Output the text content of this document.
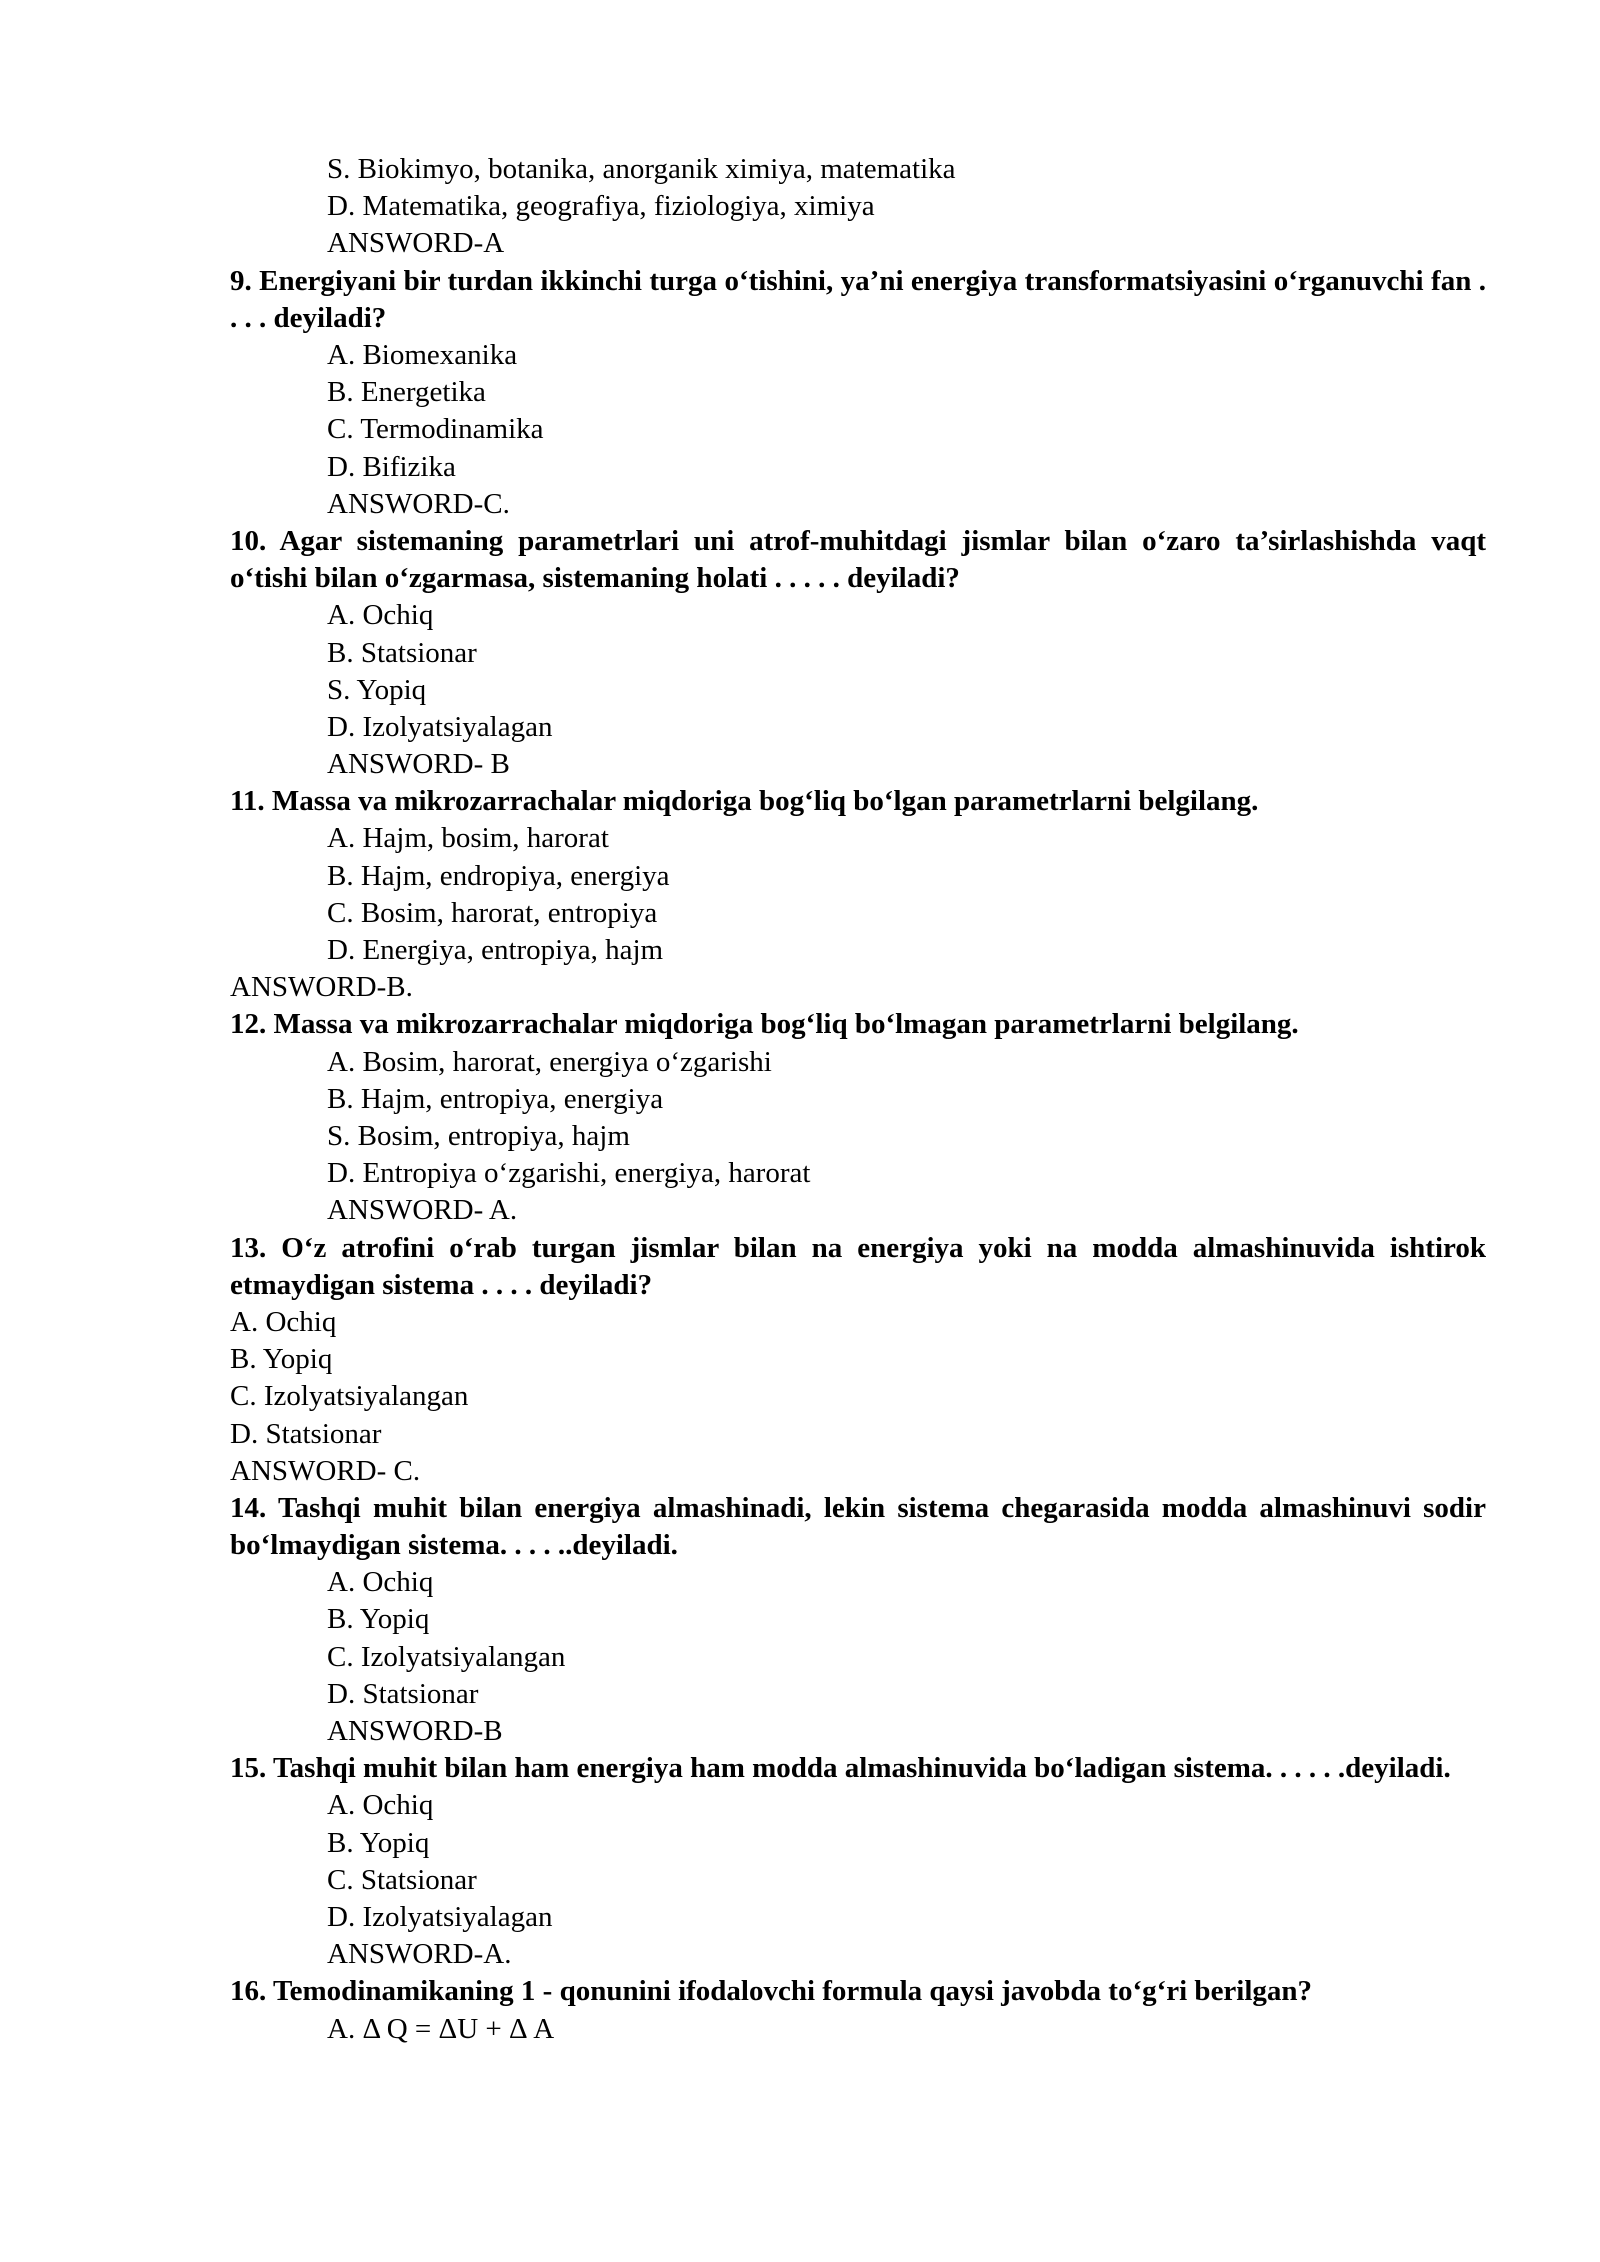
S. Biokimyo, botanika, anorganik ximiya, matematika
D. Matematika, geografiya, fiziologiya, ximiya
ANSWORD-A
9. Energiyani bir turdan ikkinchi turga o‘tishini, ya’ni energiya transformatsiyasini o‘rganuvchi fan . . . . deyiladi?
A. Biomexanika
B. Energetika
C. Termodinamika
D. Bifizika
ANSWORD-C.
10. Agar sistemaning parametrlari uni atrof-muhitdagi jismlar bilan o‘zaro ta’sirlashishda vaqt o‘tishi bilan o‘zgarmasa, sistemaning holati . . . . . deyiladi?
A. Ochiq
B. Statsionar
S. Yopiq
D. Izolyatsiyalagan
ANSWORD- B
11. Massa va mikrozarrachalar miqdoriga bog‘liq bo‘lgan parametrlarni belgilang.
A. Hajm, bosim, harorat
B. Hajm, endropiya, energiya
C. Bosim, harorat, entropiya
D. Energiya, entropiya, hajm
ANSWORD-B.
12. Massa va mikrozarrachalar miqdoriga bog‘liq bo‘lmagan parametrlarni belgilang.
A. Bosim, harorat, energiya o‘zgarishi
B. Hajm, entropiya, energiya
S. Bosim, entropiya, hajm
D. Entropiya o‘zgarishi, energiya, harorat
ANSWORD- A.
13. O‘z atrofini o‘rab turgan jismlar bilan na energiya yoki na modda almashinuvida ishtirok etmaydigan sistema . . . . deyiladi?
A. Ochiq
B. Yopiq
C. Izolyatsiyalangan
D. Statsionar
ANSWORD- C.
14. Tashqi muhit bilan energiya almashinadi, lekin sistema chegarasida modda almashinuvi sodir bo‘lmaydigan sistema. . . . ..deyiladi.
A. Ochiq
B. Yopiq
C. Izolyatsiyalangan
D. Statsionar
ANSWORD-B
15. Tashqi muhit bilan ham energiya ham modda almashinuvida bo‘ladigan sistema. . . . . .deyiladi.
A. Ochiq
B. Yopiq
C. Statsionar
D. Izolyatsiyalagan
ANSWORD-A.
16. Temodinamikaning 1 - qonunini ifodalovchi formula qaysi javobda to‘g‘ri berilgan?
A. Δ Q = ΔU + Δ A
